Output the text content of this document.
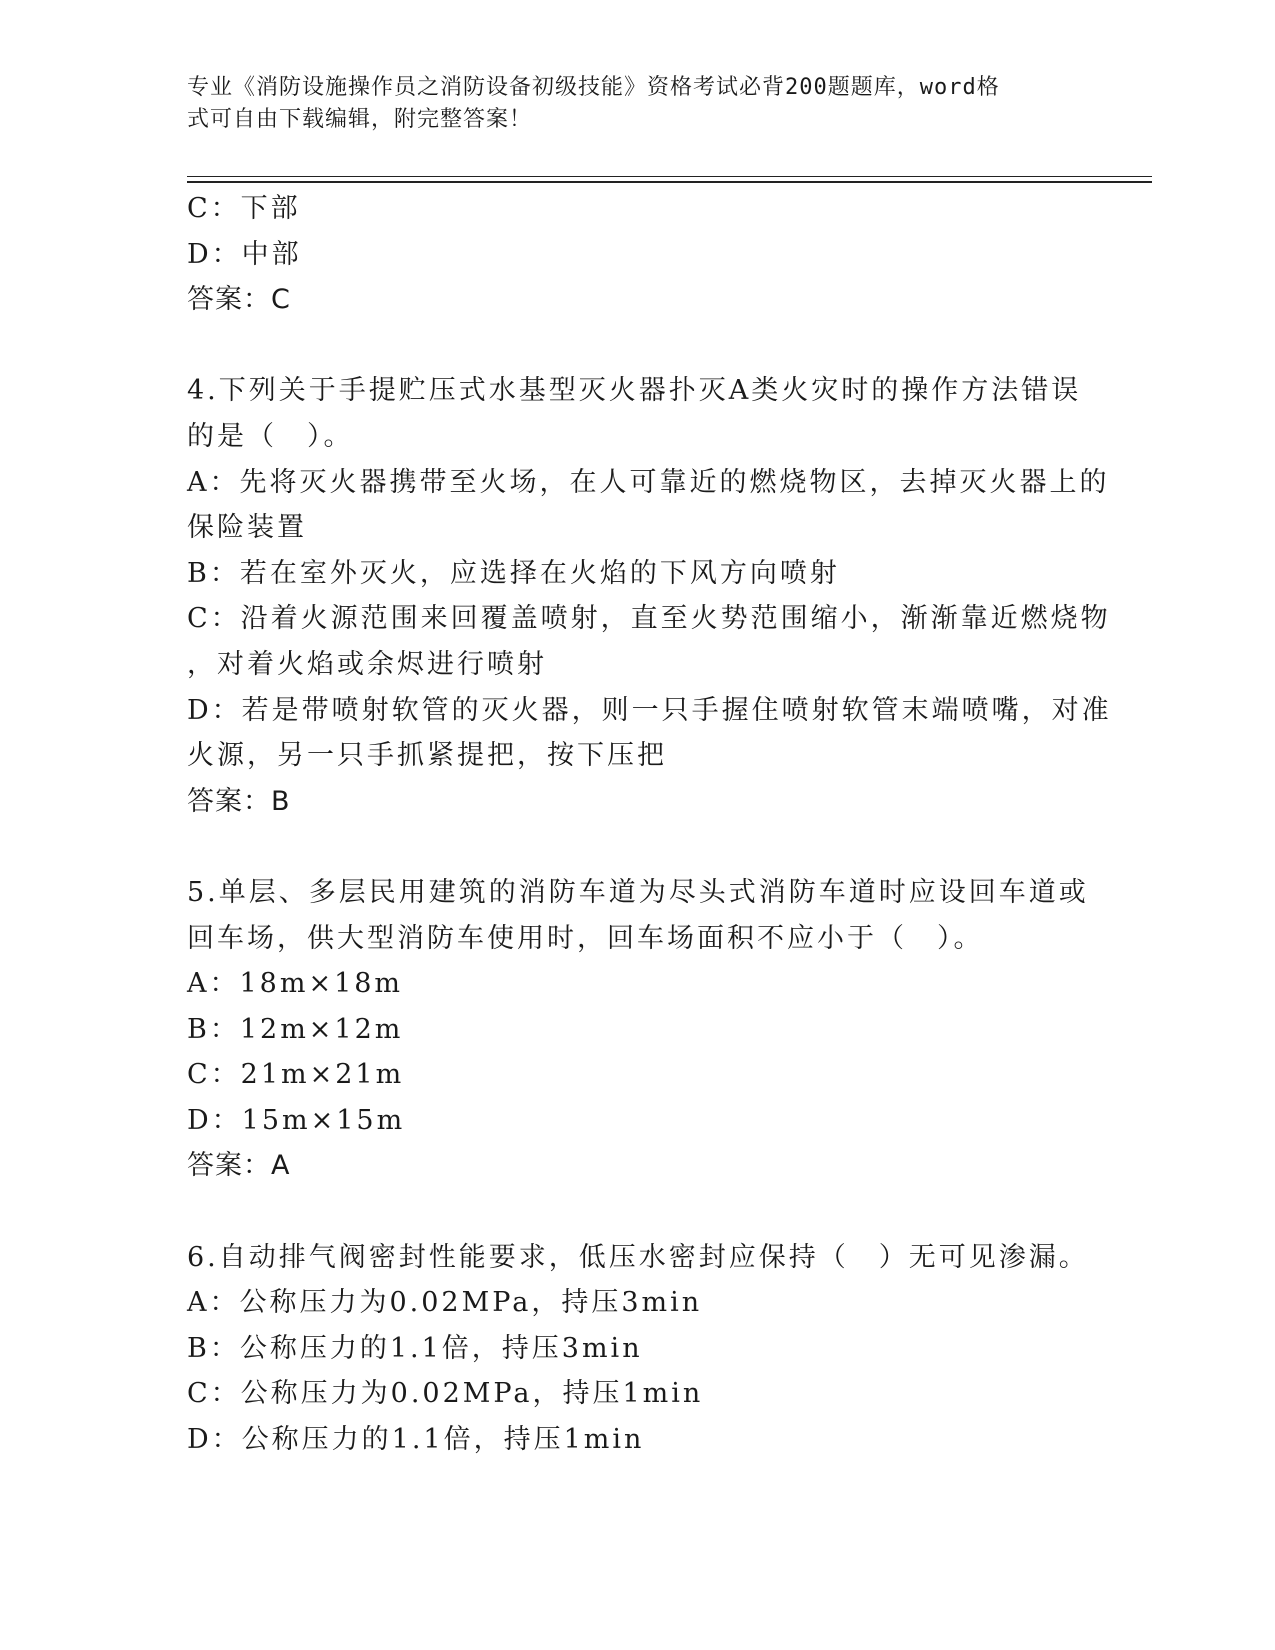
专业《消防设施操作员之消防设备初级技能》资格考试必背200题题库，word格
式可自由下载编辑，附完整答案！
C：下部
D：中部
答案：C
4.下列关于手提贮压式水基型灭火器扑灭A类火灾时的操作方法错误
的是（　）。
A：先将灭火器携带至火场，在人可靠近的燃烧物区，去掉灭火器上的
保险装置
B：若在室外灭火，应选择在火焰的下风方向喷射
C：沿着火源范围来回覆盖喷射，直至火势范围缩小，渐渐靠近燃烧物
，对着火焰或余烬进行喷射
D：若是带喷射软管的灭火器，则一只手握住喷射软管末端喷嘴，对准
火源，另一只手抓紧提把，按下压把
答案：B
5.单层、多层民用建筑的消防车道为尽头式消防车道时应设回车道或
回车场，供大型消防车使用时，回车场面积不应小于（　）。
A：18m×18m
B：12m×12m
C：21m×21m
D：15m×15m
答案：A
6.自动排气阀密封性能要求，低压水密封应保持（　）无可见渗漏。
A：公称压力为0.02MPa，持压3min
B：公称压力的1.1倍，持压3min
C：公称压力为0.02MPa，持压1min
D：公称压力的1.1倍，持压1min
